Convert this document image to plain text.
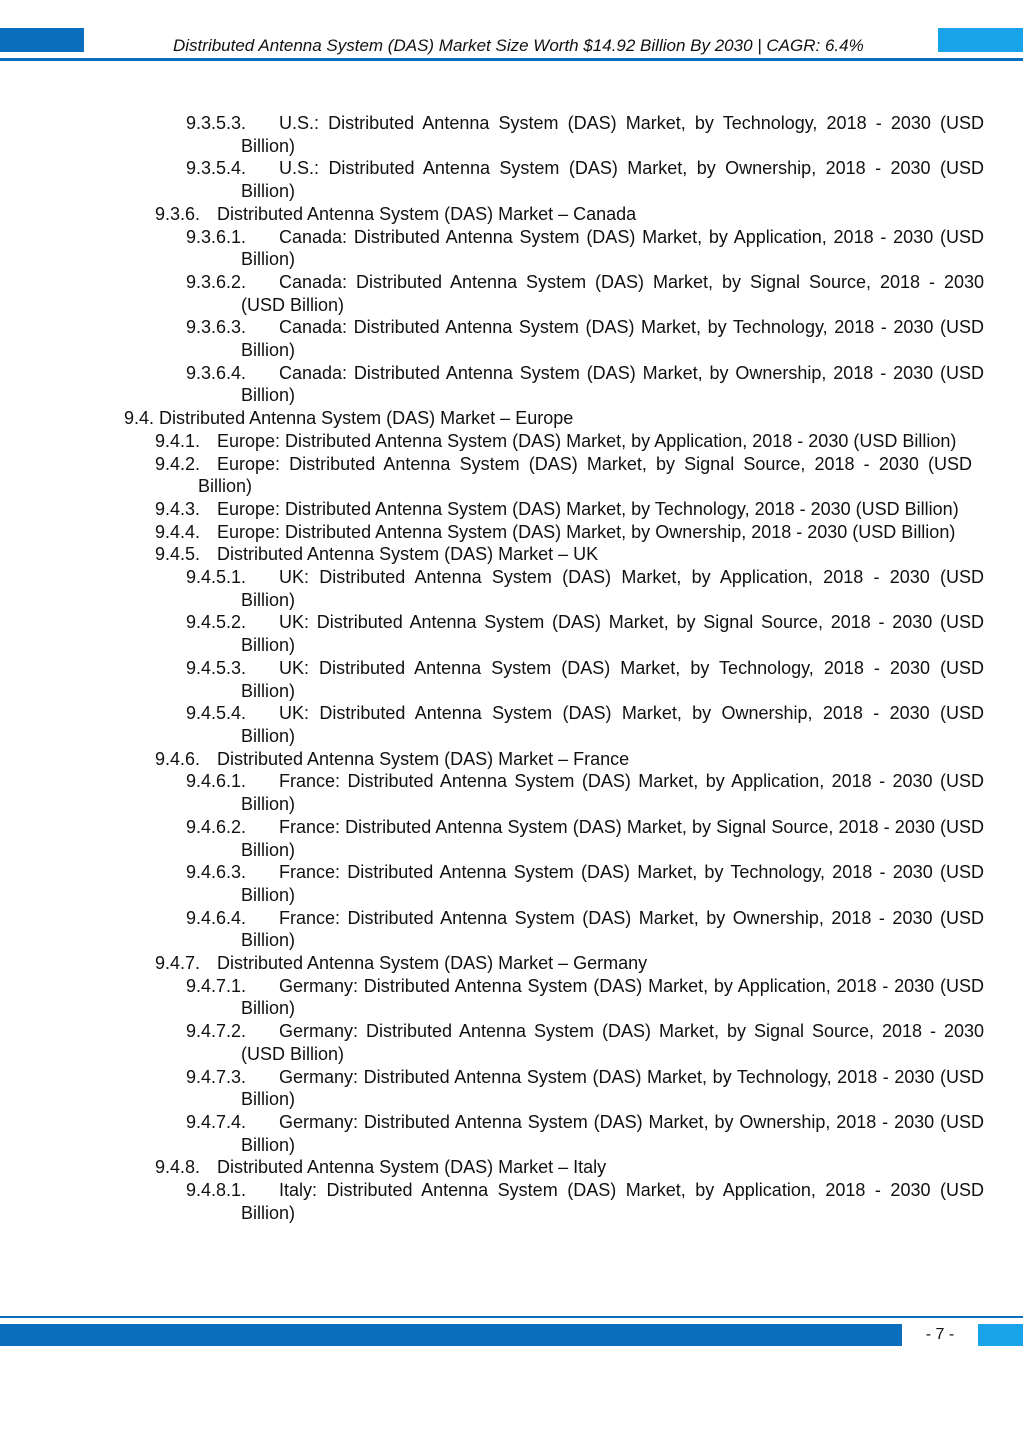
Distributed Antenna System (DAS) Market Size Worth $14.92 Billion By 2030 | CAGR: 6.4%
9.3.5.3. U.S.: Distributed Antenna System (DAS) Market, by Technology, 2018 - 2030 (USD Billion)
9.3.5.4. U.S.: Distributed Antenna System (DAS) Market, by Ownership, 2018 - 2030 (USD Billion)
9.3.6. Distributed Antenna System (DAS) Market – Canada
9.3.6.1. Canada: Distributed Antenna System (DAS) Market, by Application, 2018 - 2030 (USD Billion)
9.3.6.2. Canada: Distributed Antenna System (DAS) Market, by Signal Source, 2018 - 2030 (USD Billion)
9.3.6.3. Canada: Distributed Antenna System (DAS) Market, by Technology, 2018 - 2030 (USD Billion)
9.3.6.4. Canada: Distributed Antenna System (DAS) Market, by Ownership, 2018 - 2030 (USD Billion)
9.4. Distributed Antenna System (DAS) Market – Europe
9.4.1. Europe: Distributed Antenna System (DAS) Market, by Application, 2018 - 2030 (USD Billion)
9.4.2. Europe: Distributed Antenna System (DAS) Market, by Signal Source, 2018 - 2030 (USD Billion)
9.4.3. Europe: Distributed Antenna System (DAS) Market, by Technology, 2018 - 2030 (USD Billion)
9.4.4. Europe: Distributed Antenna System (DAS) Market, by Ownership, 2018 - 2030 (USD Billion)
9.4.5. Distributed Antenna System (DAS) Market – UK
9.4.5.1. UK: Distributed Antenna System (DAS) Market, by Application, 2018 - 2030 (USD Billion)
9.4.5.2. UK: Distributed Antenna System (DAS) Market, by Signal Source, 2018 - 2030 (USD Billion)
9.4.5.3. UK: Distributed Antenna System (DAS) Market, by Technology, 2018 - 2030 (USD Billion)
9.4.5.4. UK: Distributed Antenna System (DAS) Market, by Ownership, 2018 - 2030 (USD Billion)
9.4.6. Distributed Antenna System (DAS) Market – France
9.4.6.1. France: Distributed Antenna System (DAS) Market, by Application, 2018 - 2030 (USD Billion)
9.4.6.2. France: Distributed Antenna System (DAS) Market, by Signal Source, 2018 - 2030 (USD Billion)
9.4.6.3. France: Distributed Antenna System (DAS) Market, by Technology, 2018 - 2030 (USD Billion)
9.4.6.4. France: Distributed Antenna System (DAS) Market, by Ownership, 2018 - 2030 (USD Billion)
9.4.7. Distributed Antenna System (DAS) Market – Germany
9.4.7.1. Germany: Distributed Antenna System (DAS) Market, by Application, 2018 - 2030 (USD Billion)
9.4.7.2. Germany: Distributed Antenna System (DAS) Market, by Signal Source, 2018 - 2030 (USD Billion)
9.4.7.3. Germany: Distributed Antenna System (DAS) Market, by Technology, 2018 - 2030 (USD Billion)
9.4.7.4. Germany: Distributed Antenna System (DAS) Market, by Ownership, 2018 - 2030 (USD Billion)
9.4.8. Distributed Antenna System (DAS) Market – Italy
9.4.8.1. Italy: Distributed Antenna System (DAS) Market, by Application, 2018 - 2030 (USD Billion)
- 7 -
